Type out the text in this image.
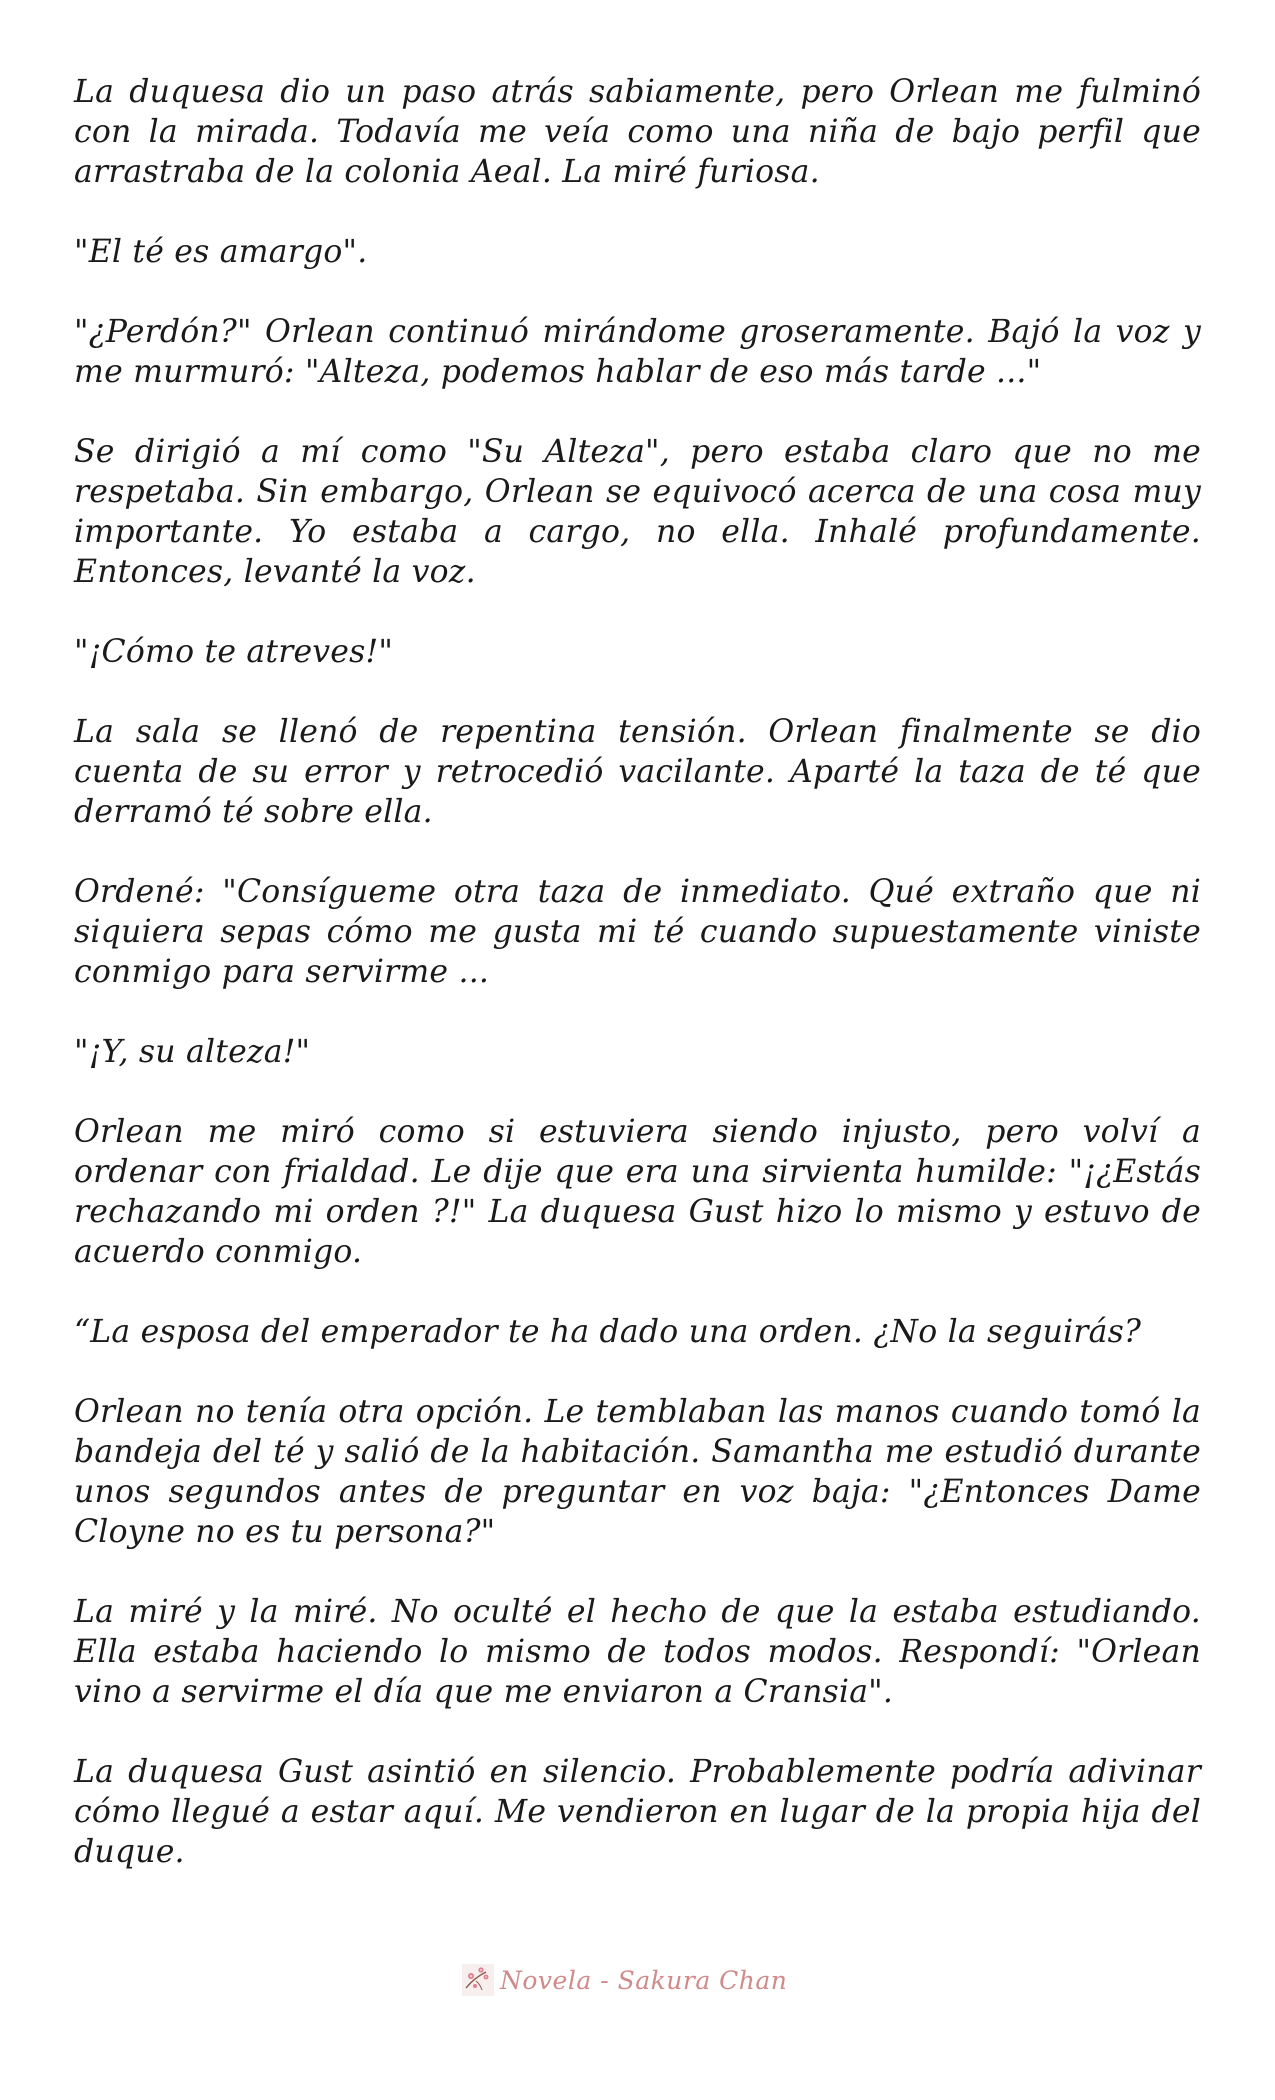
La duquesa dio un paso atrás sabiamente, pero Orlean me fulminó con la mirada. Todavía me veía como una niña de bajo perfil que arrastraba de la colonia Aeal. La miré furiosa.

"El té es amargo".

"¿Perdón?" Orlean continuó mirándome groseramente. Bajó la voz y me murmuró: "Alteza, podemos hablar de eso más tarde ..."

Se dirigió a mí como "Su Alteza", pero estaba claro que no me respetaba. Sin embargo, Orlean se equivocó acerca de una cosa muy importante. Yo estaba a cargo, no ella. Inhalé profundamente. Entonces, levanté la voz.

"¡Cómo te atreves!"

La sala se llenó de repentina tensión. Orlean finalmente se dio cuenta de su error y retrocedió vacilante. Aparté la taza de té que derramó té sobre ella.

Ordené: "Consígueme otra taza de inmediato. Qué extraño que ni siquiera sepas cómo me gusta mi té cuando supuestamente viniste conmigo para servirme ...

"¡Y, su alteza!"

Orlean me miró como si estuviera siendo injusto, pero volví a ordenar con frialdad. Le dije que era una sirvienta humilde: "¡¿Estás rechazando mi orden ?!" La duquesa Gust hizo lo mismo y estuvo de acuerdo conmigo.

“La esposa del emperador te ha dado una orden. ¿No la seguirás?

Orlean no tenía otra opción. Le temblaban las manos cuando tomó la bandeja del té y salió de la habitación. Samantha me estudió durante unos segundos antes de preguntar en voz baja: "¿Entonces Dame Cloyne no es tu persona?"

La miré y la miré. No oculté el hecho de que la estaba estudiando. Ella estaba haciendo lo mismo de todos modos. Respondí: "Orlean vino a servirme el día que me enviaron a Cransia".

La duquesa Gust asintió en silencio. Probablemente podría adivinar cómo llegué a estar aquí. Me vendieron en lugar de la propia hija del duque.

Novela - Sakura Chan
